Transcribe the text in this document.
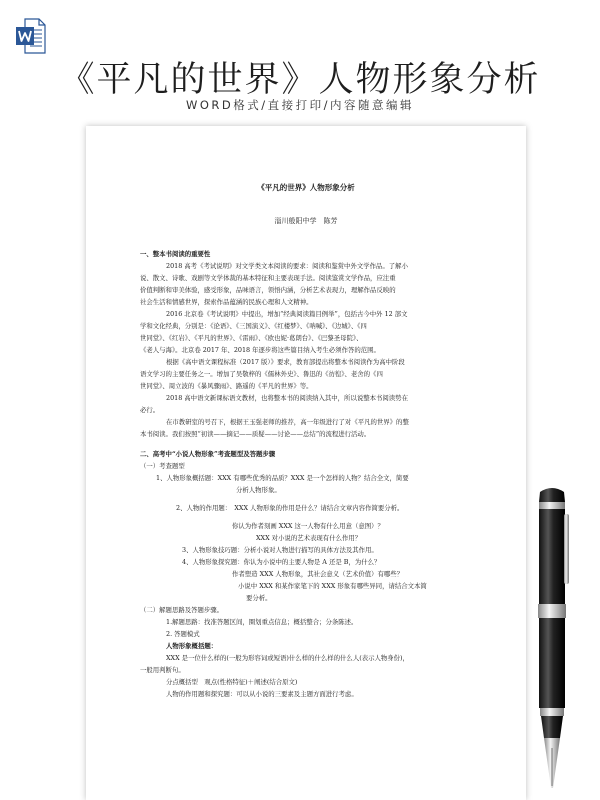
《平凡的世界》人物形象分析
WORD格式/直接打印/内容随意编辑
《平凡的世界》人物形象分析
淄川般阳中学　陈芳
一、整本书阅读的重要性
2018 高考《考试说明》对文学类文本阅读的要求：阅读和鉴赏中外文学作品。了解小
说、散文、诗歌、戏剧等文学体裁的基本特征和主要表现手法。阅读鉴赏文学作品，应注重
价值判断和审美体验，感受形象，品味语言，领悟内涵，分析艺术表现力，理解作品反映的
社会生活和情感世界，探索作品蕴涵的民族心理和人文精神。
2016 北京卷《考试说明》中提出，增加“经典阅读篇目例举”，包括古今中外 12 部文
学和文化经典，分别是：《论语》、《三国演义》、《红楼梦》、《呐喊》、《边城》、《四
世同堂》、《红岩》、《平凡的世界》、《雷雨》、《欧也妮·葛朗台》、《巴黎圣母院》、
《老人与海》。北京卷 2017 年、2018 年逐步将这些篇目纳入考生必须作答的范围。
根据《高中语文课程标准（2017 版）》要求，教育部提出将整本书阅读作为高中阶段
语文学习的主要任务之一。增加了吴敬梓的《儒林外史》、鲁迅的《彷徨》、老舍的《四
世同堂》、周立波的《暴风骤雨》、路遥的《平凡的世界》等。
2018 高中语文新课标语文教材，也将整本书的阅读纳入其中，所以说整本书阅读势在
必行。
在市教研室的号召下，根据王玉强老师的推荐，高一年级进行了对《平凡的世界》的整
本书阅读。我们按照“初读——摘记——质疑——讨论——总结”的流程进行活动。
二、高考中“小说人物形象”考查题型及答题步骤
（一）考查题型
1、人物形象概括题：XXX 有哪些优秀的品质？XXX 是一个怎样的人物？结合全文，简要
分析人物形象。
2、人物的作用题：　XXX 人物形象的作用是什么？请结合文章内容作简要分析。
你认为作者刻画 XXX 这一人物有什么用意（意图）？
XXX 对小说的艺术表现有什么作用？
3、人物形象技巧题：分析小说对人物进行描写的具体方法及其作用。
4、人物形象探究题：你认为小说中的主要人物是 A 还是 B，为什么？
作者塑造 XXX 人物形象，其社会意义（艺术价值）有哪些？
小说中 XXX 和某作家笔下的 XXX 形象有哪些异同，请结合文本简
要分析。
（二）解题思路及答题步骤。
1.解题思路：找准答题区间，圈划重点信息；概括整合；分条陈述。
2. 答题模式
人物形象概括题：
XXX 是一位什么样的(一般为形容词或短语)什么样的什么样的什么人(表示人物身份)，
一般用判断句。
分点概括型　观点(性格特征)＋阐述(结合原文)
人物的作用题和探究题：可以从小说的三要素及主题方面进行考虑。
